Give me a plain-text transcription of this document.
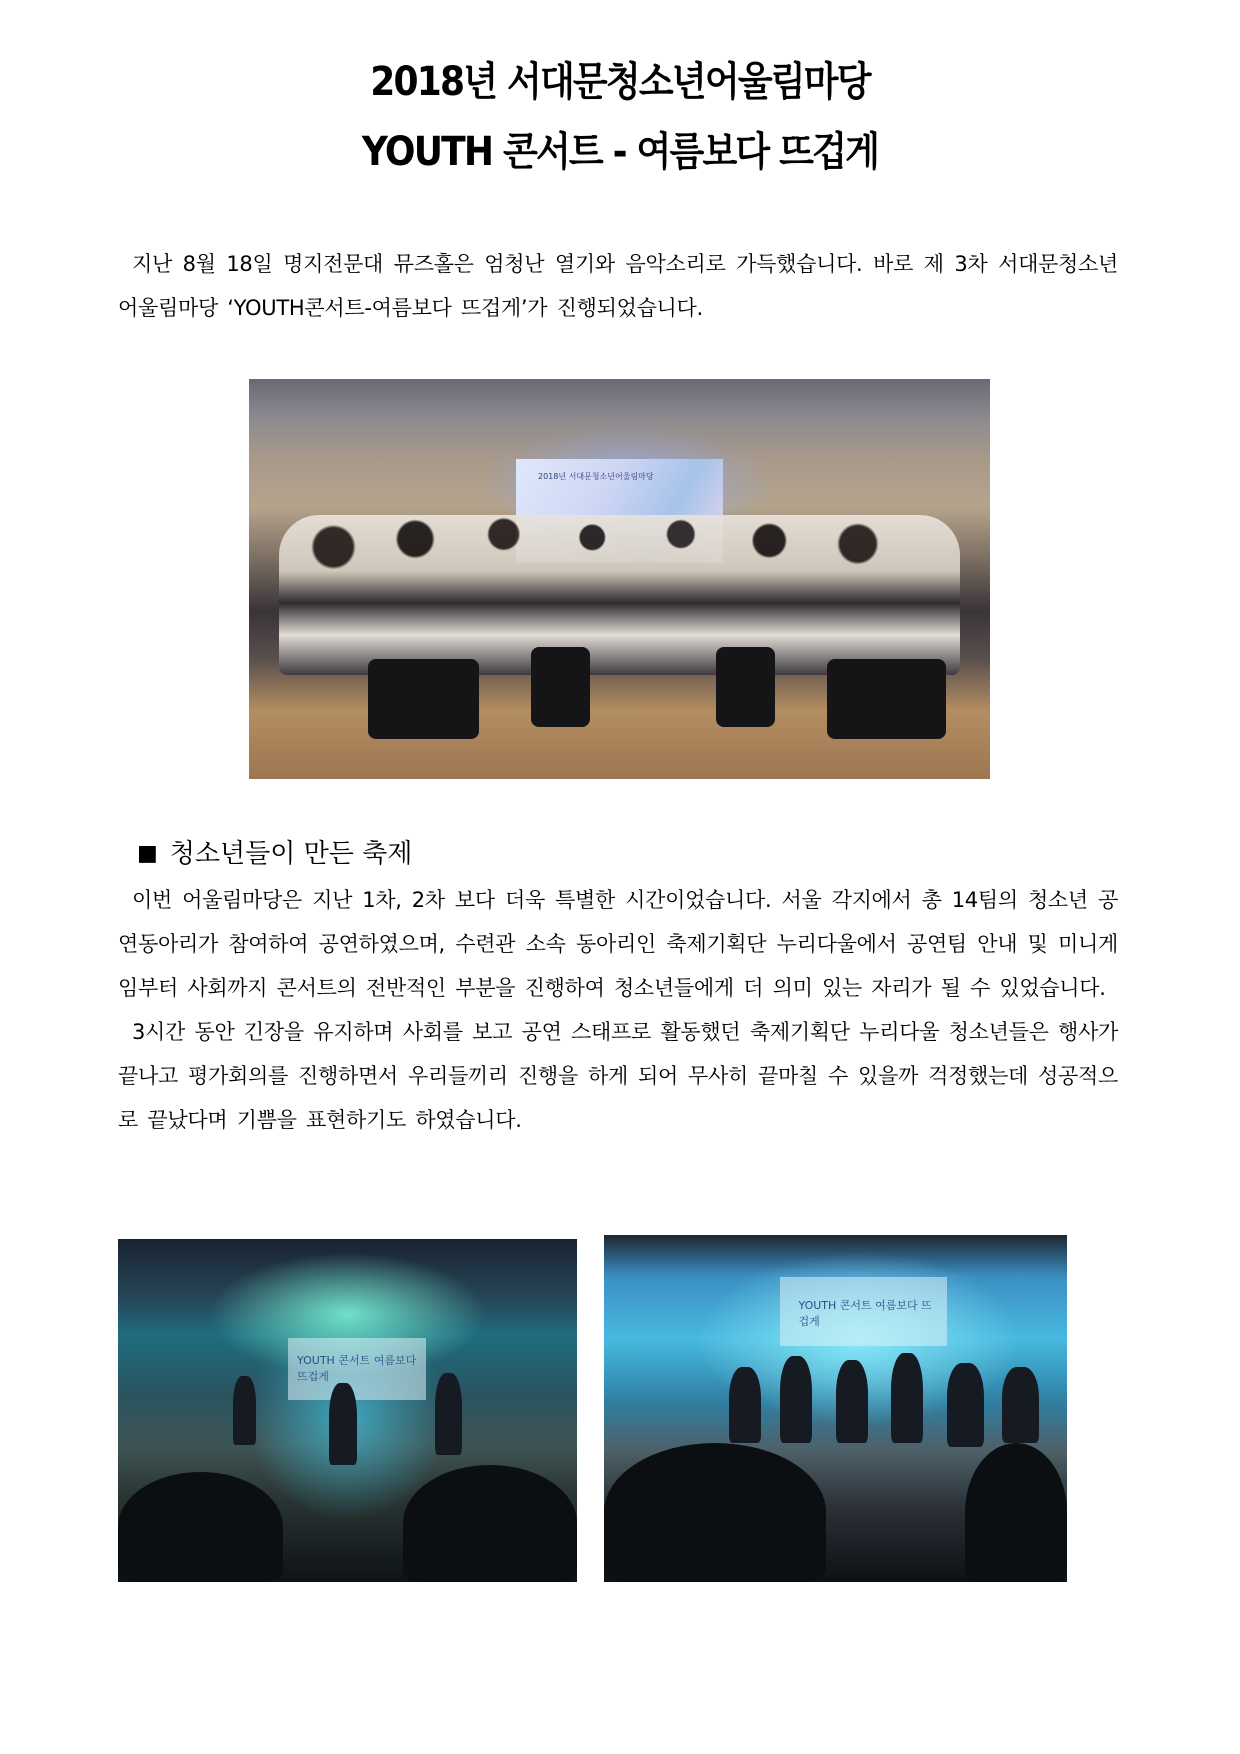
2018년 서대문청소년어울림마당
YOUTH 콘서트 - 여름보다 뜨겁게

지난 8월 18일 명지전문대 뮤즈홀은 엄청난 열기와 음악소리로 가득했습니다. 바로 제 3차 서대문청소년어울림마당 ‘YOUTH콘서트-여름보다 뜨겁게’가 진행되었습니다.

2018년 서대문청소년어울림마당
■ 청소년들이 만든 축제

이번 어울림마당은 지난 1차, 2차 보다 더욱 특별한 시간이었습니다. 서울 각지에서 총 14팀의 청소년 공연동아리가 참여하여 공연하였으며, 수련관 소속 동아리인 축제기획단 누리다울에서 공연팀 안내 및 미니게임부터 사회까지 콘서트의 전반적인 부분을 진행하여 청소년들에게 더 의미 있는 자리가 될 수 있었습니다.

3시간 동안 긴장을 유지하며 사회를 보고 공연 스태프로 활동했던 축제기획단 누리다울 청소년들은 행사가 끝나고 평가회의를 진행하면서 우리들끼리 진행을 하게 되어 무사히 끝마칠 수 있을까 걱정했는데 성공적으로 끝났다며 기쁨을 표현하기도 하였습니다.

YOUTH 콘서트 여름보다 뜨겁게
YOUTH 콘서트 여름보다 뜨겁게
